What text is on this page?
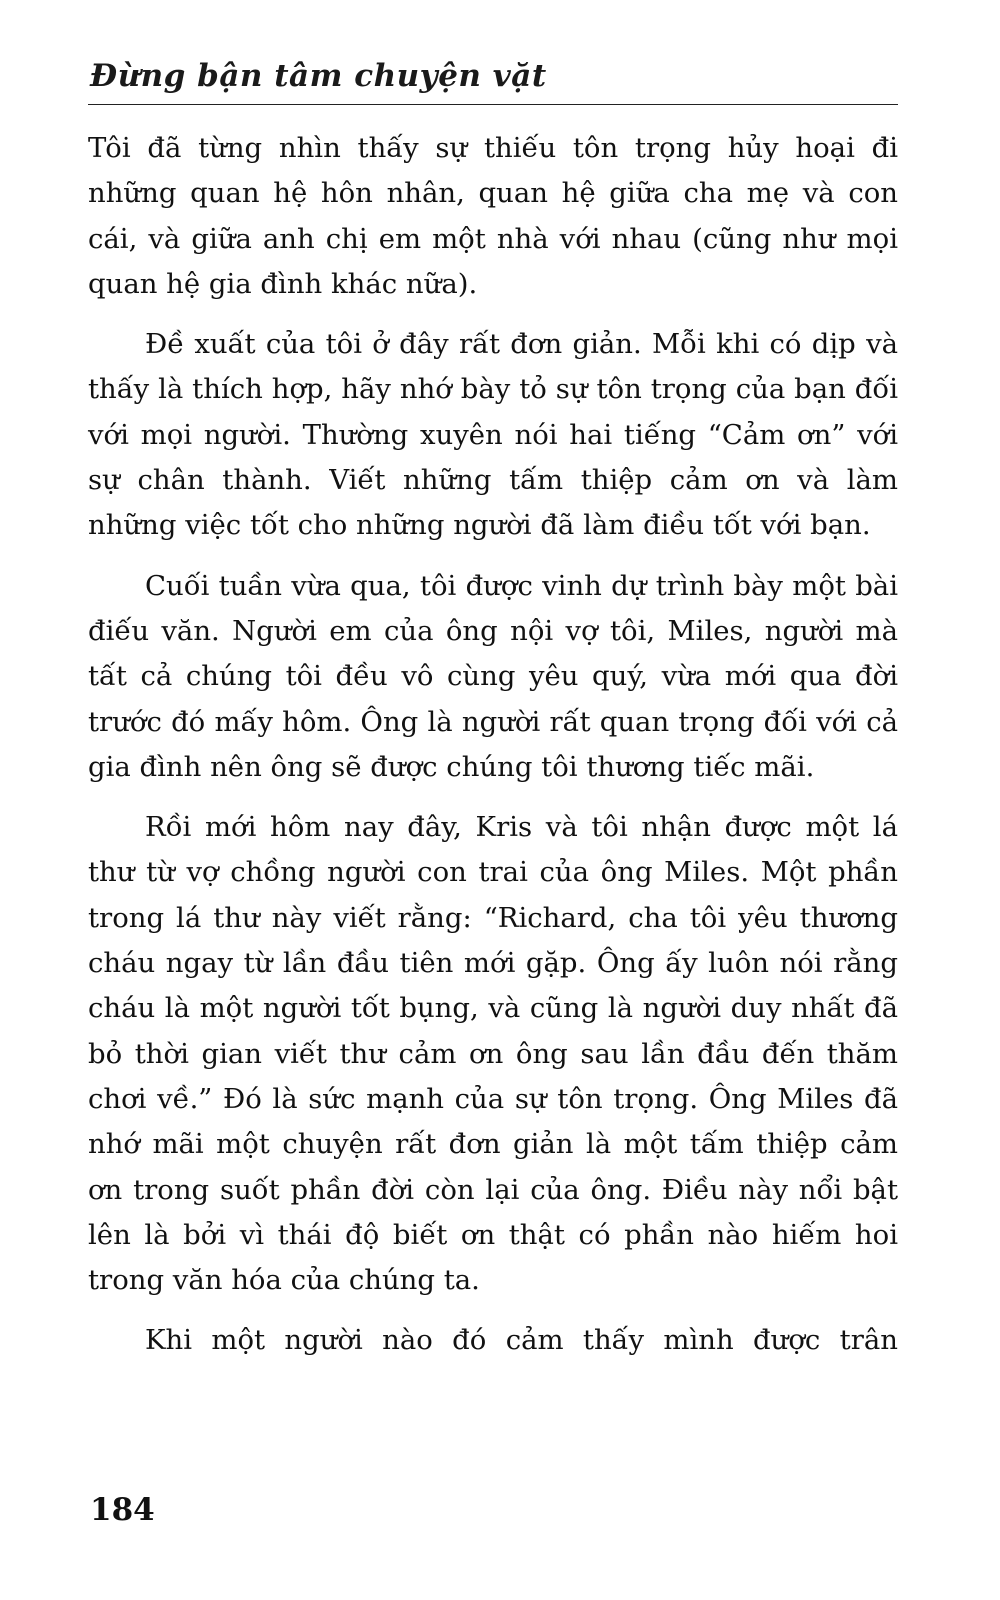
Đừng bận tâm chuyện vặt

Tôi đã từng nhìn thấy sự thiếu tôn trọng hủy hoại đi những quan hệ hôn nhân, quan hệ giữa cha mẹ và con cái, và giữa anh chị em một nhà với nhau (cũng như mọi quan hệ gia đình khác nữa).

Đề xuất của tôi ở đây rất đơn giản. Mỗi khi có dịp và thấy là thích hợp, hãy nhớ bày tỏ sự tôn trọng của bạn đối với mọi người. Thường xuyên nói hai tiếng “Cảm ơn” với sự chân thành. Viết những tấm thiệp cảm ơn và làm những việc tốt cho những người đã làm điều tốt với bạn.

Cuối tuần vừa qua, tôi được vinh dự trình bày một bài điếu văn. Người em của ông nội vợ tôi, Miles, người mà tất cả chúng tôi đều vô cùng yêu quý, vừa mới qua đời trước đó mấy hôm. Ông là người rất quan trọng đối với cả gia đình nên ông sẽ được chúng tôi thương tiếc mãi.

Rồi mới hôm nay đây, Kris và tôi nhận được một lá thư từ vợ chồng người con trai của ông Miles. Một phần trong lá thư này viết rằng: “Richard, cha tôi yêu thương cháu ngay từ lần đầu tiên mới gặp. Ông ấy luôn nói rằng cháu là một người tốt bụng, và cũng là người duy nhất đã bỏ thời gian viết thư cảm ơn ông sau lần đầu đến thăm chơi về.” Đó là sức mạnh của sự tôn trọng. Ông Miles đã nhớ mãi một chuyện rất đơn giản là một tấm thiệp cảm ơn trong suốt phần đời còn lại của ông. Điều này nổi bật lên là bởi vì thái độ biết ơn thật có phần nào hiếm hoi trong văn hóa của chúng ta.

Khi một người nào đó cảm thấy mình được trân

184
